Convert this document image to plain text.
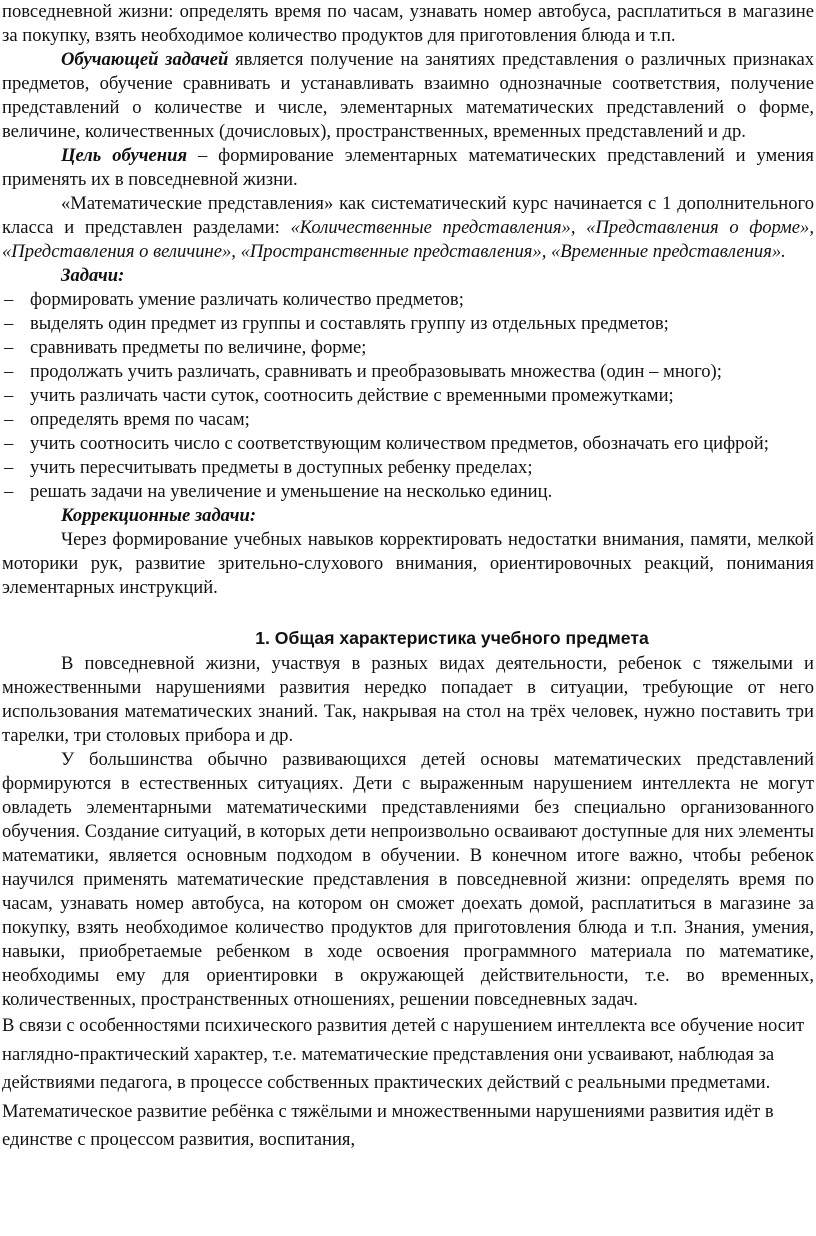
повседневной жизни: определять время по часам, узнавать номер автобуса, расплатиться в магазине за покупку, взять необходимое количество продуктов для приготовления блюда и т.п.

Обучающей задачей является получение на занятиях представления о различных признаках предметов, обучение сравнивать и устанавливать взаимно однозначные соответствия, получение представлений о количестве и числе, элементарных математических представлений о форме, величине, количественных (дочисловых), пространственных, временных представлений и др.

Цель обучения – формирование элементарных математических представлений и умения применять их в повседневной жизни.

«Математические представления» как систематический курс начинается с 1 дополнительного класса и представлен разделами: «Количественные представления», «Представления о форме», «Представления о величине», «Пространственные представления», «Временные представления».

Задачи:
– формировать умение различать количество предметов;
– выделять один предмет из группы и составлять группу из отдельных предметов;
– сравнивать предметы по величине, форме;
– продолжать учить различать, сравнивать и преобразовывать множества (один – много);
– учить различать части суток, соотносить действие с временными промежутками;
– определять время по часам;
– учить соотносить число с соответствующим количеством предметов, обозначать его цифрой;
– учить пересчитывать предметы в доступных ребенку пределах;
– решать задачи на увеличение и уменьшение на несколько единиц.
Коррекционные задачи:

Через формирование учебных навыков корректировать недостатки внимания, памяти, мелкой моторики рук, развитие зрительно-слухового внимания, ориентировочных реакций, понимания элементарных инструкций.

1. Общая характеристика учебного предмета

В повседневной жизни, участвуя в разных видах деятельности, ребенок с тяжелыми и множественными нарушениями развития нередко попадает в ситуации, требующие от него использования математических знаний. Так, накрывая на стол на трёх человек, нужно поставить три тарелки, три столовых прибора и др.

У большинства обычно развивающихся детей основы математических представлений формируются в естественных ситуациях. Дети с выраженным нарушением интеллекта не могут овладеть элементарными математическими представлениями без специально организованного обучения. Создание ситуаций, в которых дети непроизвольно осваивают доступные для них элементы математики, является основным подходом в обучении. В конечном итоге важно, чтобы ребенок научился применять математические представления в повседневной жизни: определять время по часам, узнавать номер автобуса, на котором он сможет доехать домой, расплатиться в магазине за покупку, взять необходимое количество продуктов для приготовления блюда и т.п. Знания, умения, навыки, приобретаемые ребенком в ходе освоения программного материала по математике, необходимы ему для ориентировки в окружающей действительности, т.е. во временных, количественных, пространственных отношениях, решении повседневных задач.

В связи с особенностями психического развития детей с нарушением интеллекта все обучение носит наглядно-практический характер, т.е. математические представления они усваивают, наблюдая за действиями педагога, в процессе собственных практических действий с реальными предметами. Математическое развитие ребёнка с тяжёлыми и множественными нарушениями развития идёт в единстве с процессом развития, воспитания,
